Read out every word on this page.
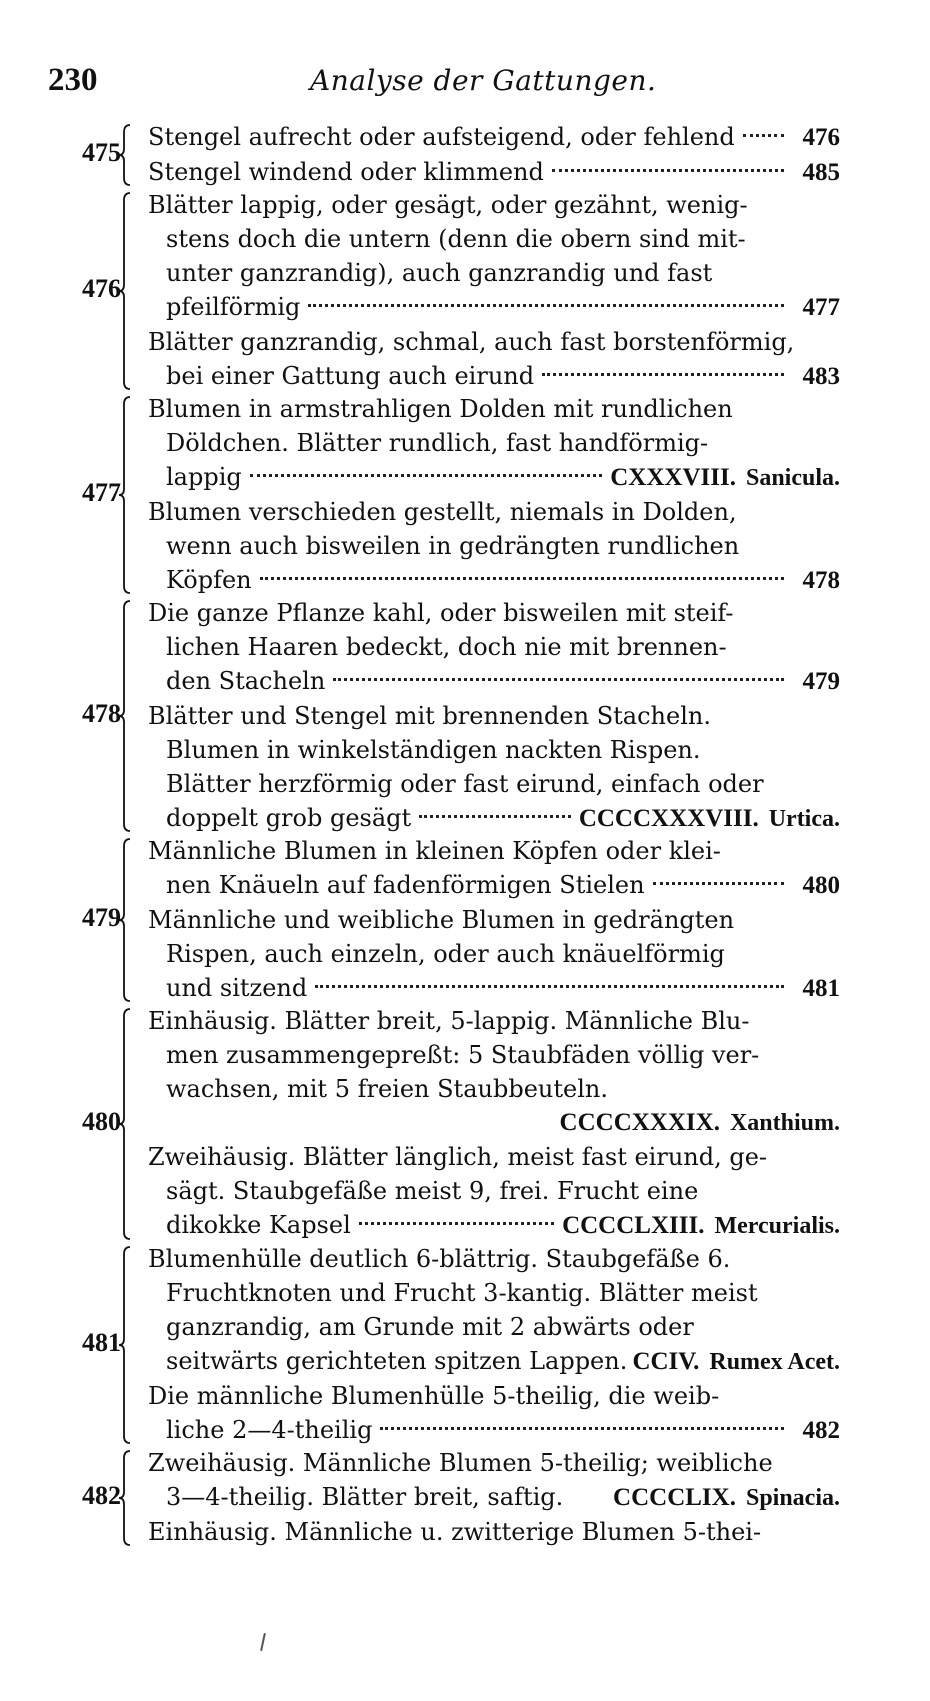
230	Analyse der Gattungen.
475
Stengel aufrecht oder aufsteigend, oder fehlend	476
Stengel windend oder klimmend	485
476
Blätter lappig, oder gesägt, oder gezähnt, wenig-
stens doch die untern (denn die obern sind mit-
unter ganzrandig), auch ganzrandig und fast
pfeilförmig	477
Blätter ganzrandig, schmal, auch fast borstenförmig,
bei einer Gattung auch eirund	483
477
Blumen in armstrahligen Dolden mit rundlichen
Döldchen. Blätter rundlich, fast handförmig-
lappig	CXXXVIII. Sanicula.
Blumen verschieden gestellt, niemals in Dolden,
wenn auch bisweilen in gedrängten rundlichen
Köpfen	478
478
Die ganze Pflanze kahl, oder bisweilen mit steif-
lichen Haaren bedeckt, doch nie mit brennen-
den Stacheln	479
Blätter und Stengel mit brennenden Stacheln.
Blumen in winkelständigen nackten Rispen.
Blätter herzförmig oder fast eirund, einfach oder
doppelt grob gesägt	CCCCXXXVIII. Urtica.
479
Männliche Blumen in kleinen Köpfen oder klei-
nen Knäueln auf fadenförmigen Stielen	480
Männliche und weibliche Blumen in gedrängten
Rispen, auch einzeln, oder auch knäuelförmig
und sitzend	481
480
Einhäusig. Blätter breit, 5-lappig. Männliche Blu-
men zusammengepreßt: 5 Staubfäden völlig ver-
wachsen, mit 5 freien Staubbeuteln.
CCCCXXXIX. Xanthium.
Zweihäusig. Blätter länglich, meist fast eirund, ge-
sägt. Staubgefäße meist 9, frei. Frucht eine
dikokke Kapsel	CCCCLXIII. Mercurialis.
481
Blumenhülle deutlich 6-blättrig. Staubgefäße 6.
Fruchtknoten und Frucht 3-kantig. Blätter meist
ganzrandig, am Grunde mit 2 abwärts oder
seitwärts gerichteten spitzen Lappen. CCIV. Rumex Acet.
Die männliche Blumenhülle 5-theilig, die weib-
liche 2—4-theilig	482
482
Zweihäusig. Männliche Blumen 5-theilig; weibliche
3—4-theilig. Blätter breit, saftig. CCCCLIX. Spinacia.
Einhäusig. Männliche u. zwitterige Blumen 5-thei-
